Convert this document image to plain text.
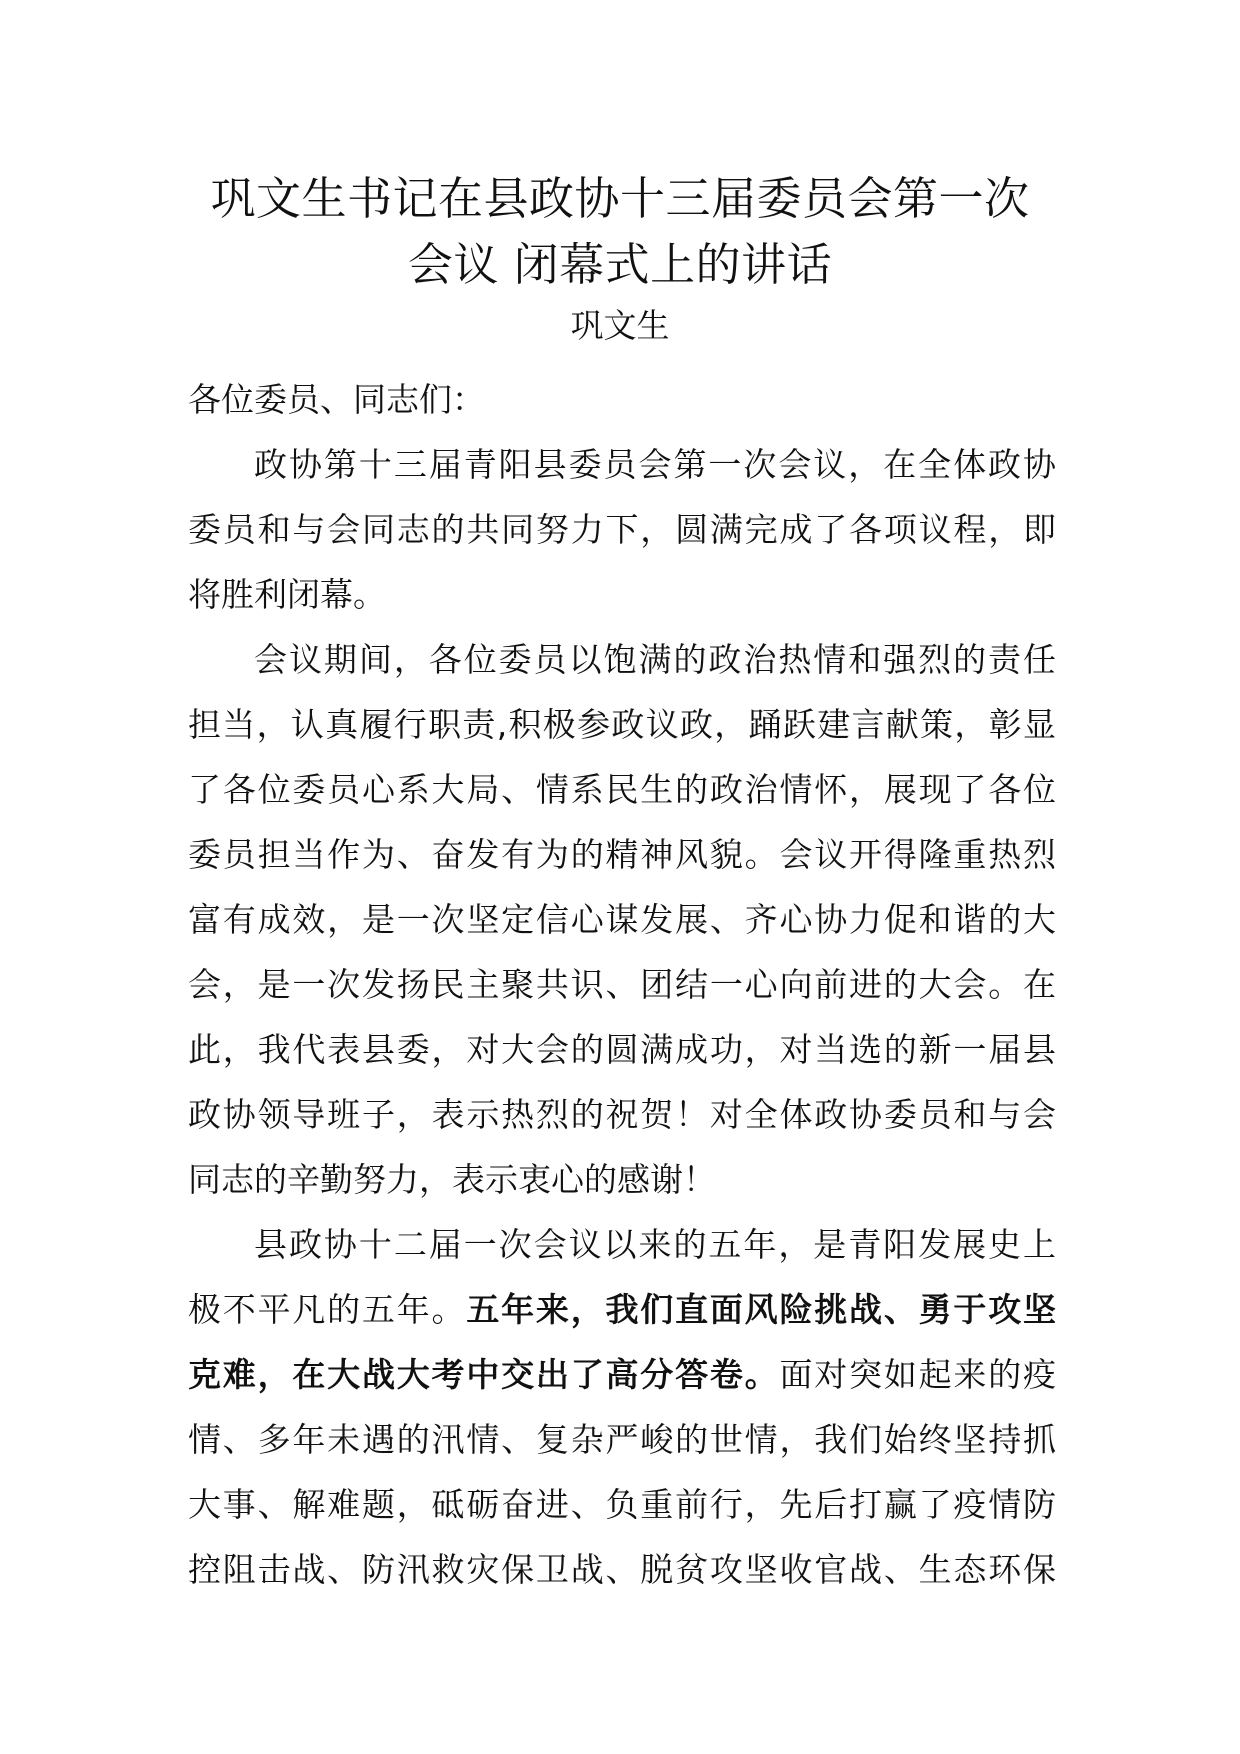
巩文生书记在县政协十三届委员会第一次
会议 闭幕式上的讲话

巩文生

各位委员、同志们：
政协第十三届青阳县委员会第一次会议，在全体政协
委员和与会同志的共同努力下，圆满完成了各项议程，即
将胜利闭幕。
会议期间，各位委员以饱满的政治热情和强烈的责任
担当，认真履行职责,积极参政议政，踊跃建言献策，彰显
了各位委员心系大局、情系民生的政治情怀，展现了各位
委员担当作为、奋发有为的精神风貌。会议开得隆重热烈
富有成效，是一次坚定信心谋发展、齐心协力促和谐的大
会，是一次发扬民主聚共识、团结一心向前进的大会。在
此，我代表县委，对大会的圆满成功，对当选的新一届县
政协领导班子，表示热烈的祝贺！对全体政协委员和与会
同志的辛勤努力，表示衷心的感谢！
县政协十二届一次会议以来的五年，是青阳发展史上
极不平凡的五年。五年来，我们直面风险挑战、勇于攻坚
克难，在大战大考中交出了高分答卷。面对突如起来的疫
情、多年未遇的汛情、复杂严峻的世情，我们始终坚持抓
大事、解难题，砥砺奋进、负重前行，先后打赢了疫情防
控阻击战、防汛救灾保卫战、脱贫攻坚收官战、生态环保
